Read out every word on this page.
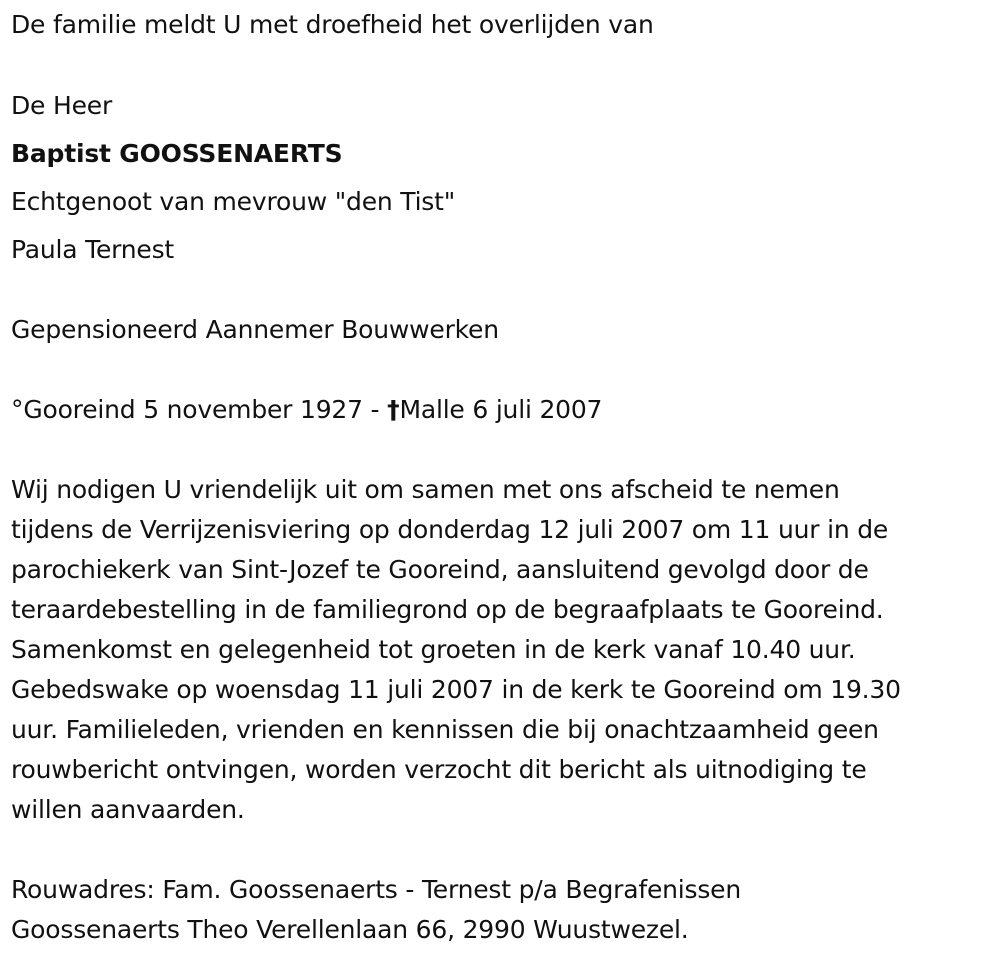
De familie meldt U met droefheid het overlijden van
De Heer
Baptist GOOSSENAERTS
Echtgenoot van mevrouw "den Tist"
Paula Ternest
Gepensioneerd Aannemer Bouwwerken
°Gooreind 5 november 1927 - †Malle 6 juli 2007
Wij nodigen U vriendelijk uit om samen met ons afscheid te nemen
tijdens de Verrijzenisviering op donderdag 12 juli 2007 om 11 uur in de
parochiekerk van Sint-Jozef te Gooreind, aansluitend gevolgd door de
teraardebestelling in de familiegrond op de begraafplaats te Gooreind.
Samenkomst en gelegenheid tot groeten in de kerk vanaf 10.40 uur.
Gebedswake op woensdag 11 juli 2007 in de kerk te Gooreind om 19.30
uur. Familieleden, vrienden en kennissen die bij onachtzaamheid geen
rouwbericht ontvingen, worden verzocht dit bericht als uitnodiging te
willen aanvaarden.
Rouwadres: Fam. Goossenaerts - Ternest p/a Begrafenissen
Goossenaerts Theo Verellenlaan 66, 2990 Wuustwezel.
